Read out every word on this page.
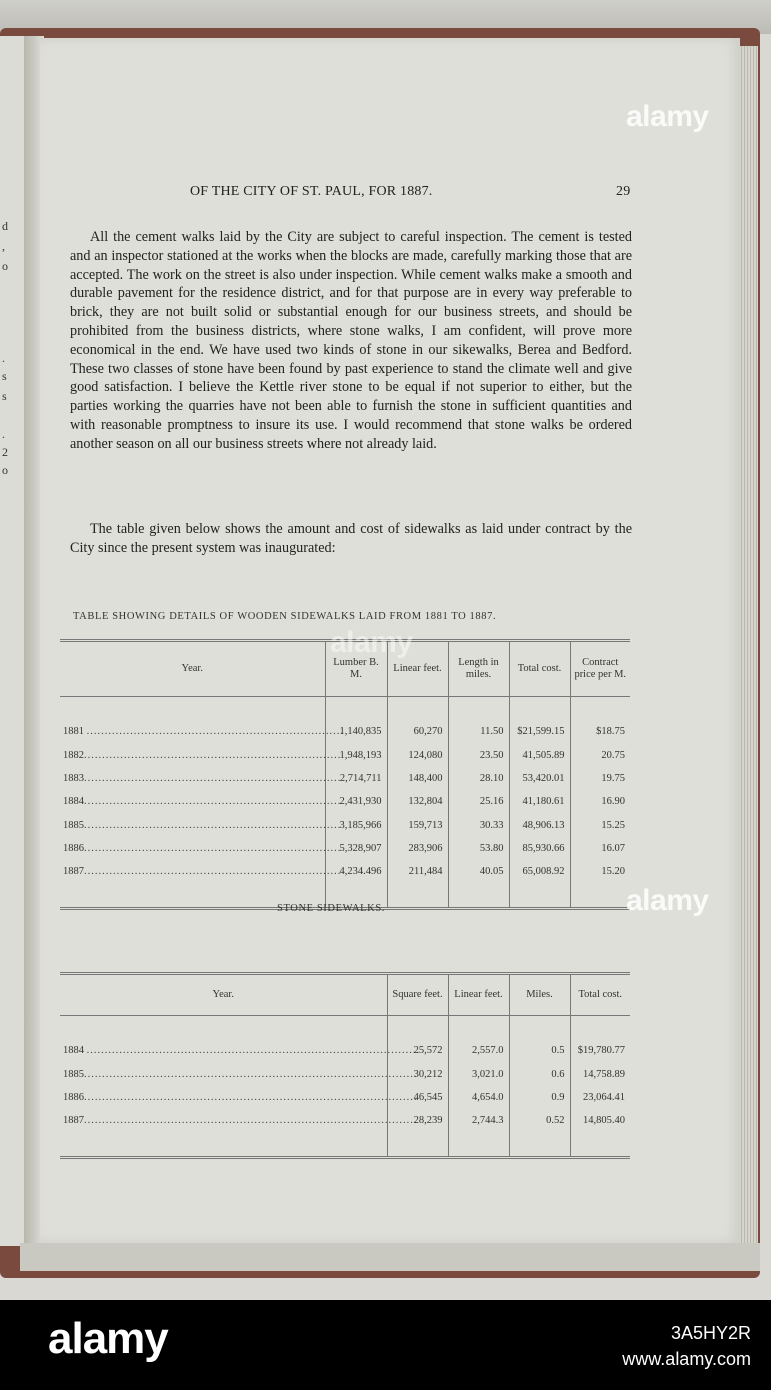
d
,
o
.
s
s
.
2
o
OF THE CITY OF ST. PAUL, FOR 1887.	29

All the cement walks laid by the City are subject to careful inspection. The cement is tested and an inspector stationed at the works when the blocks are made, carefully marking those that are accepted. The work on the street is also under inspection. While cement walks make a smooth and durable pavement for the residence district, and for that purpose are in every way preferable to brick, they are not built solid or substantial enough for our business streets, and should be prohibited from the business districts, where stone walks, I am confident, will prove more economical in the end. We have used two kinds of stone in our sikewalks, Berea and Bedford. These two classes of stone have been found by past experience to stand the climate well and give good satisfaction. I believe the Kettle river stone to be equal if not superior to either, but the parties working the quarries have not been able to furnish the stone in sufficient quantities and with reasonable promptness to insure its use. I would recommend that stone walks be ordered another season on all our business streets where not already laid.

The table given below shows the amount and cost of sidewalks as laid under contract by the City since the present system was inaugurated:

TABLE SHOWING DETAILS OF WOODEN SIDEWALKS LAID FROM 1881 TO 1887.
Year.	Lumber B. M.	Linear feet.	Length in miles.	Total cost.	Contract price per M.

1881 .......................................................................	1,140,835	60,270	11.50	$21,599.15	$18.75
1882.......................................................................	1,948,193	124,080	23.50	41,505.89	20.75
1883.......................................................................	2,714,711	148,400	28.10	53,420.01	19.75
1884.......................................................................	2,431,930	132,804	25.16	41,180.61	16.90
1885.......................................................................	3,185,966	159,713	30.33	48,906.13	15.25
1886.......................................................................	5,328,907	283,906	53.80	85,930.66	16.07
1887.......................................................................	4,234.496	211,484	40.05	65,008.92	15.20

STONE SIDEWALKS.
Year.	Square feet.	Linear feet.	Miles.	Total cost.

1884 ............................................................................................	25,572	2,557.0	0.5	$19,780.77
1885............................................................................................	30,212	3,021.0	0.6	14,758.89
1886............................................................................................	46,545	4,654.0	0.9	23,064.41
1887............................................................................................	28,239	2,744.3	0.52	14,805.40

alamy
alamy
alamy
alamy	3A5HY2R
www.alamy.com
